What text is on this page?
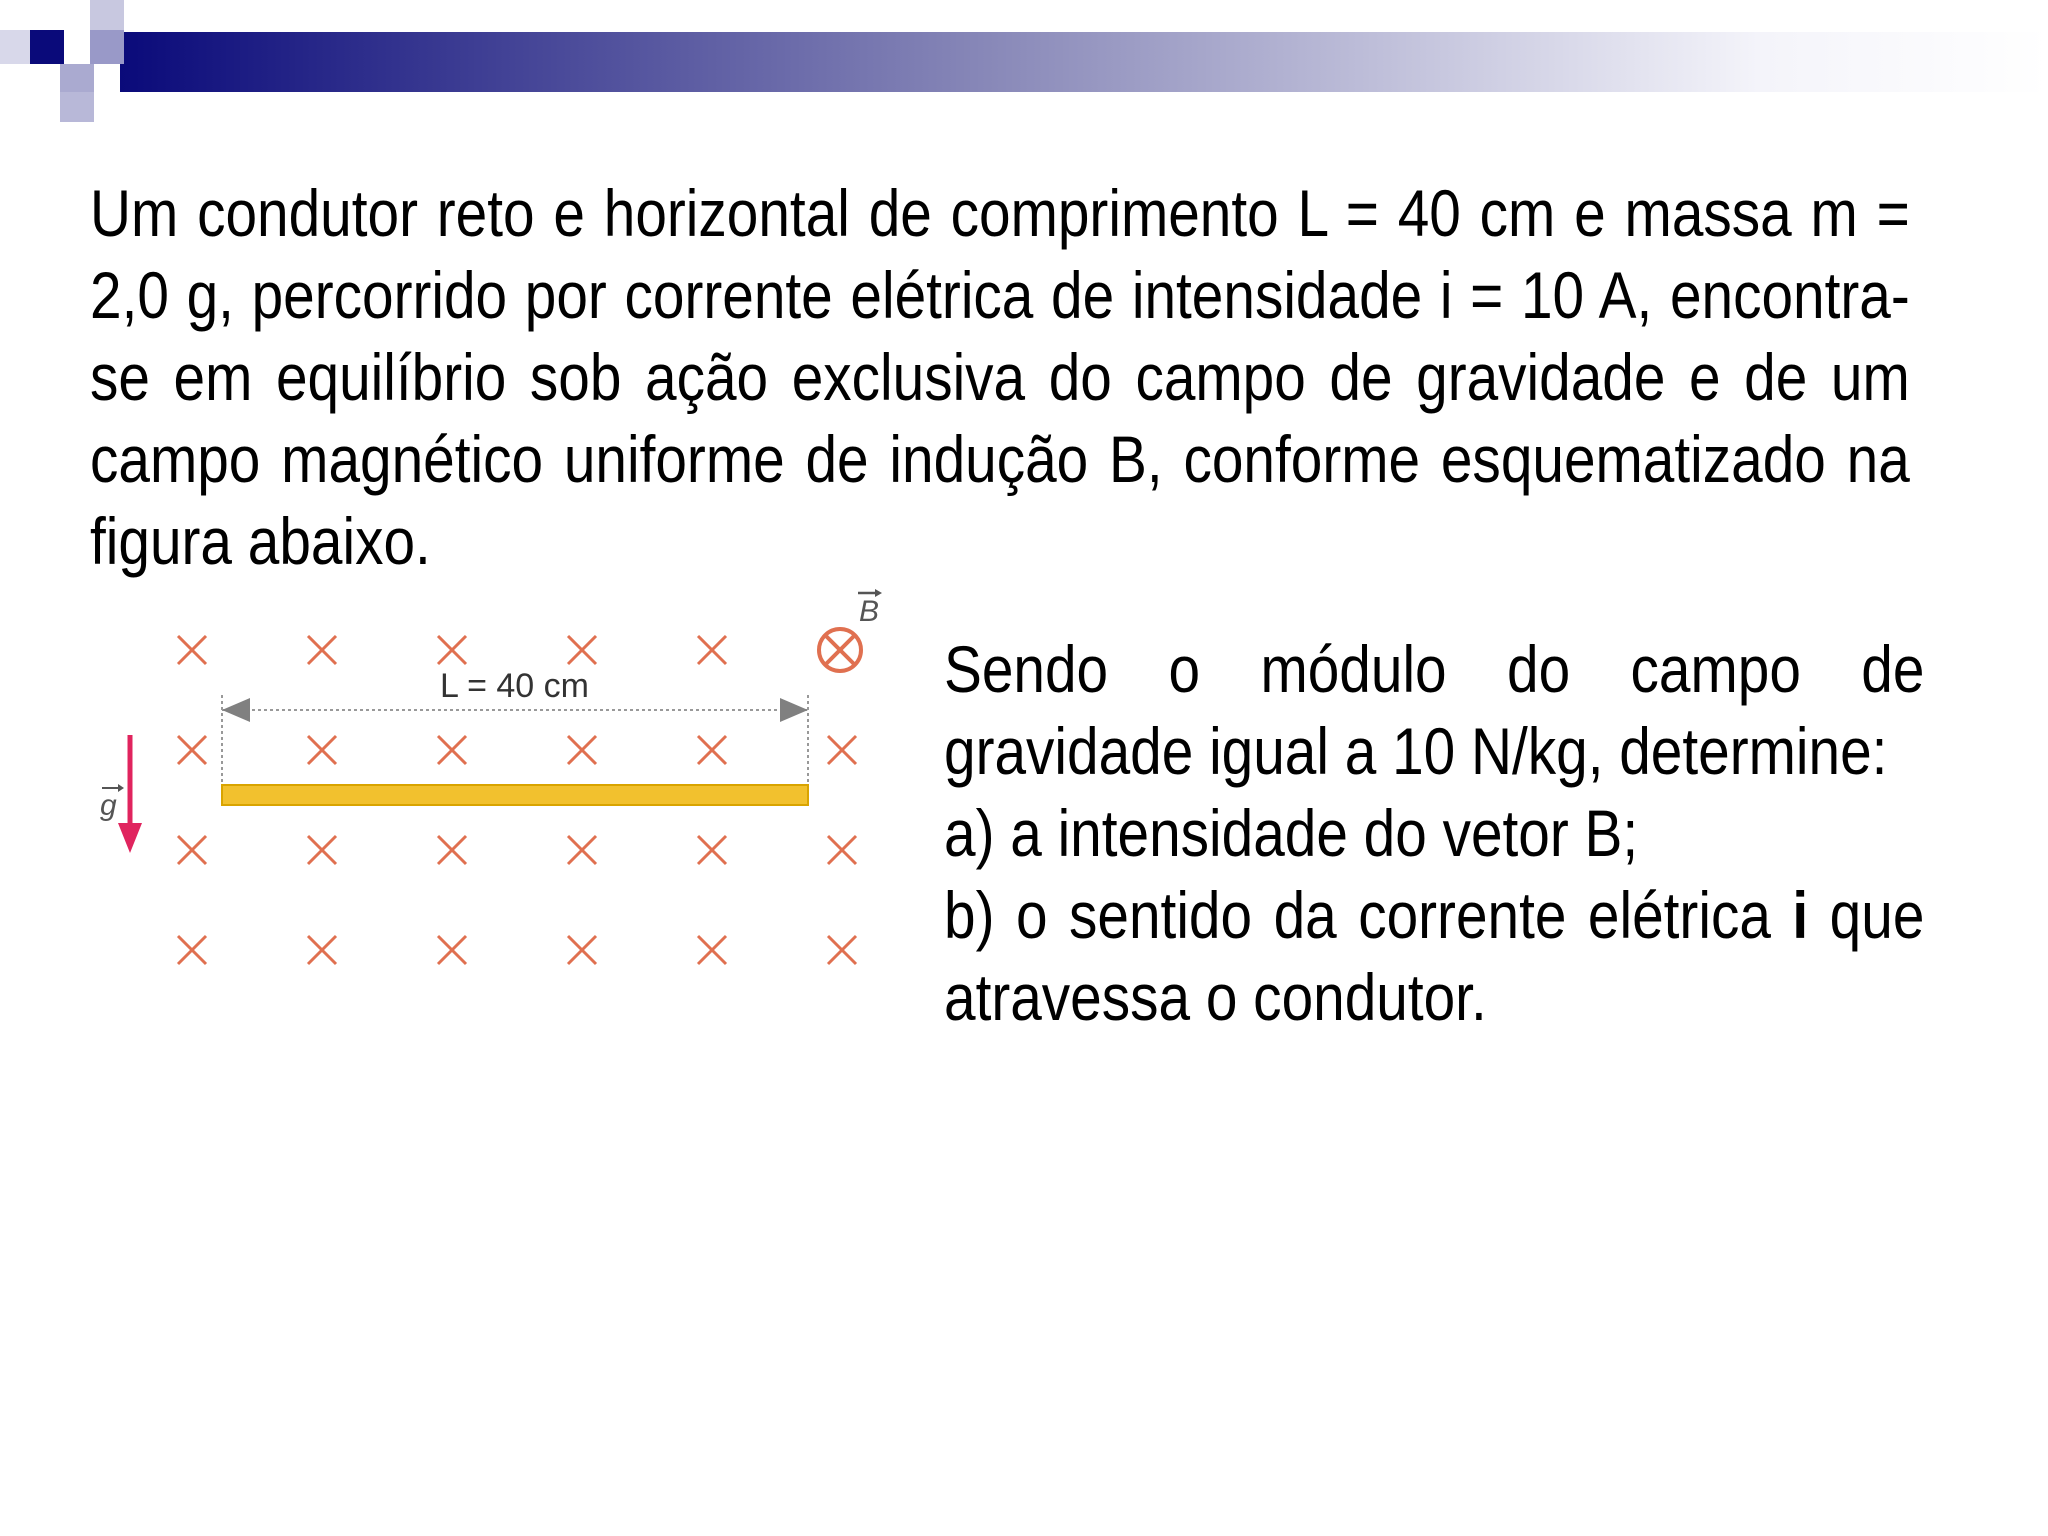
Um condutor reto e horizontal de comprimento L = 40 cm e massa m = 2,0 g, percorrido por corrente elétrica de intensidade i = 10 A, encontra-se em equilíbrio sob ação exclusiva do campo de gravidade e de um campo magnético uniforme de indução B, conforme esquematizado na figura abaixo.
B
L = 40 cm
g
Sendo o módulo do campo de
gravidade igual a 10 N/kg, determine:
a) a intensidade do vetor B;
b) o sentido da corrente elétrica i que
atravessa o condutor.
